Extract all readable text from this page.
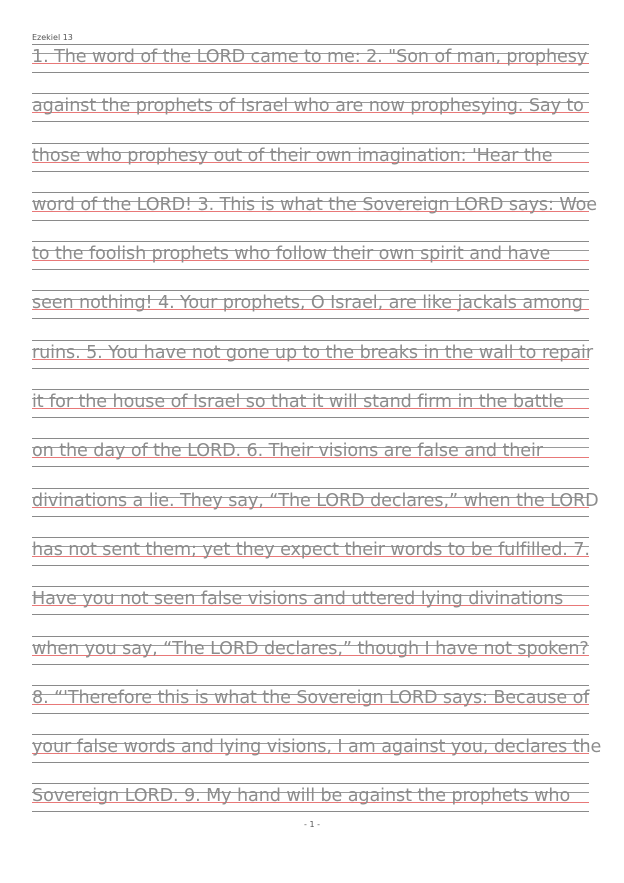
Ezekiel 13
1. The word of the LORD came to me: 2. "Son of man, prophesy
against the prophets of Israel who are now prophesying. Say to
those who prophesy out of their own imagination: 'Hear the
word of the LORD! 3. This is what the Sovereign LORD says: Woe
to the foolish prophets who follow their own spirit and have
seen nothing! 4. Your prophets, O Israel, are like jackals among
ruins. 5. You have not gone up to the breaks in the wall to repair
it for the house of Israel so that it will stand firm in the battle
on the day of the LORD. 6. Their visions are false and their
divinations a lie. They say, “The LORD declares,” when the LORD
has not sent them; yet they expect their words to be fulfilled. 7.
Have you not seen false visions and uttered lying divinations
when you say, “The LORD declares,” though I have not spoken?
8. “'Therefore this is what the Sovereign LORD says: Because of
your false words and lying visions, I am against you, declares the
Sovereign LORD. 9. My hand will be against the prophets who
- 1 -
